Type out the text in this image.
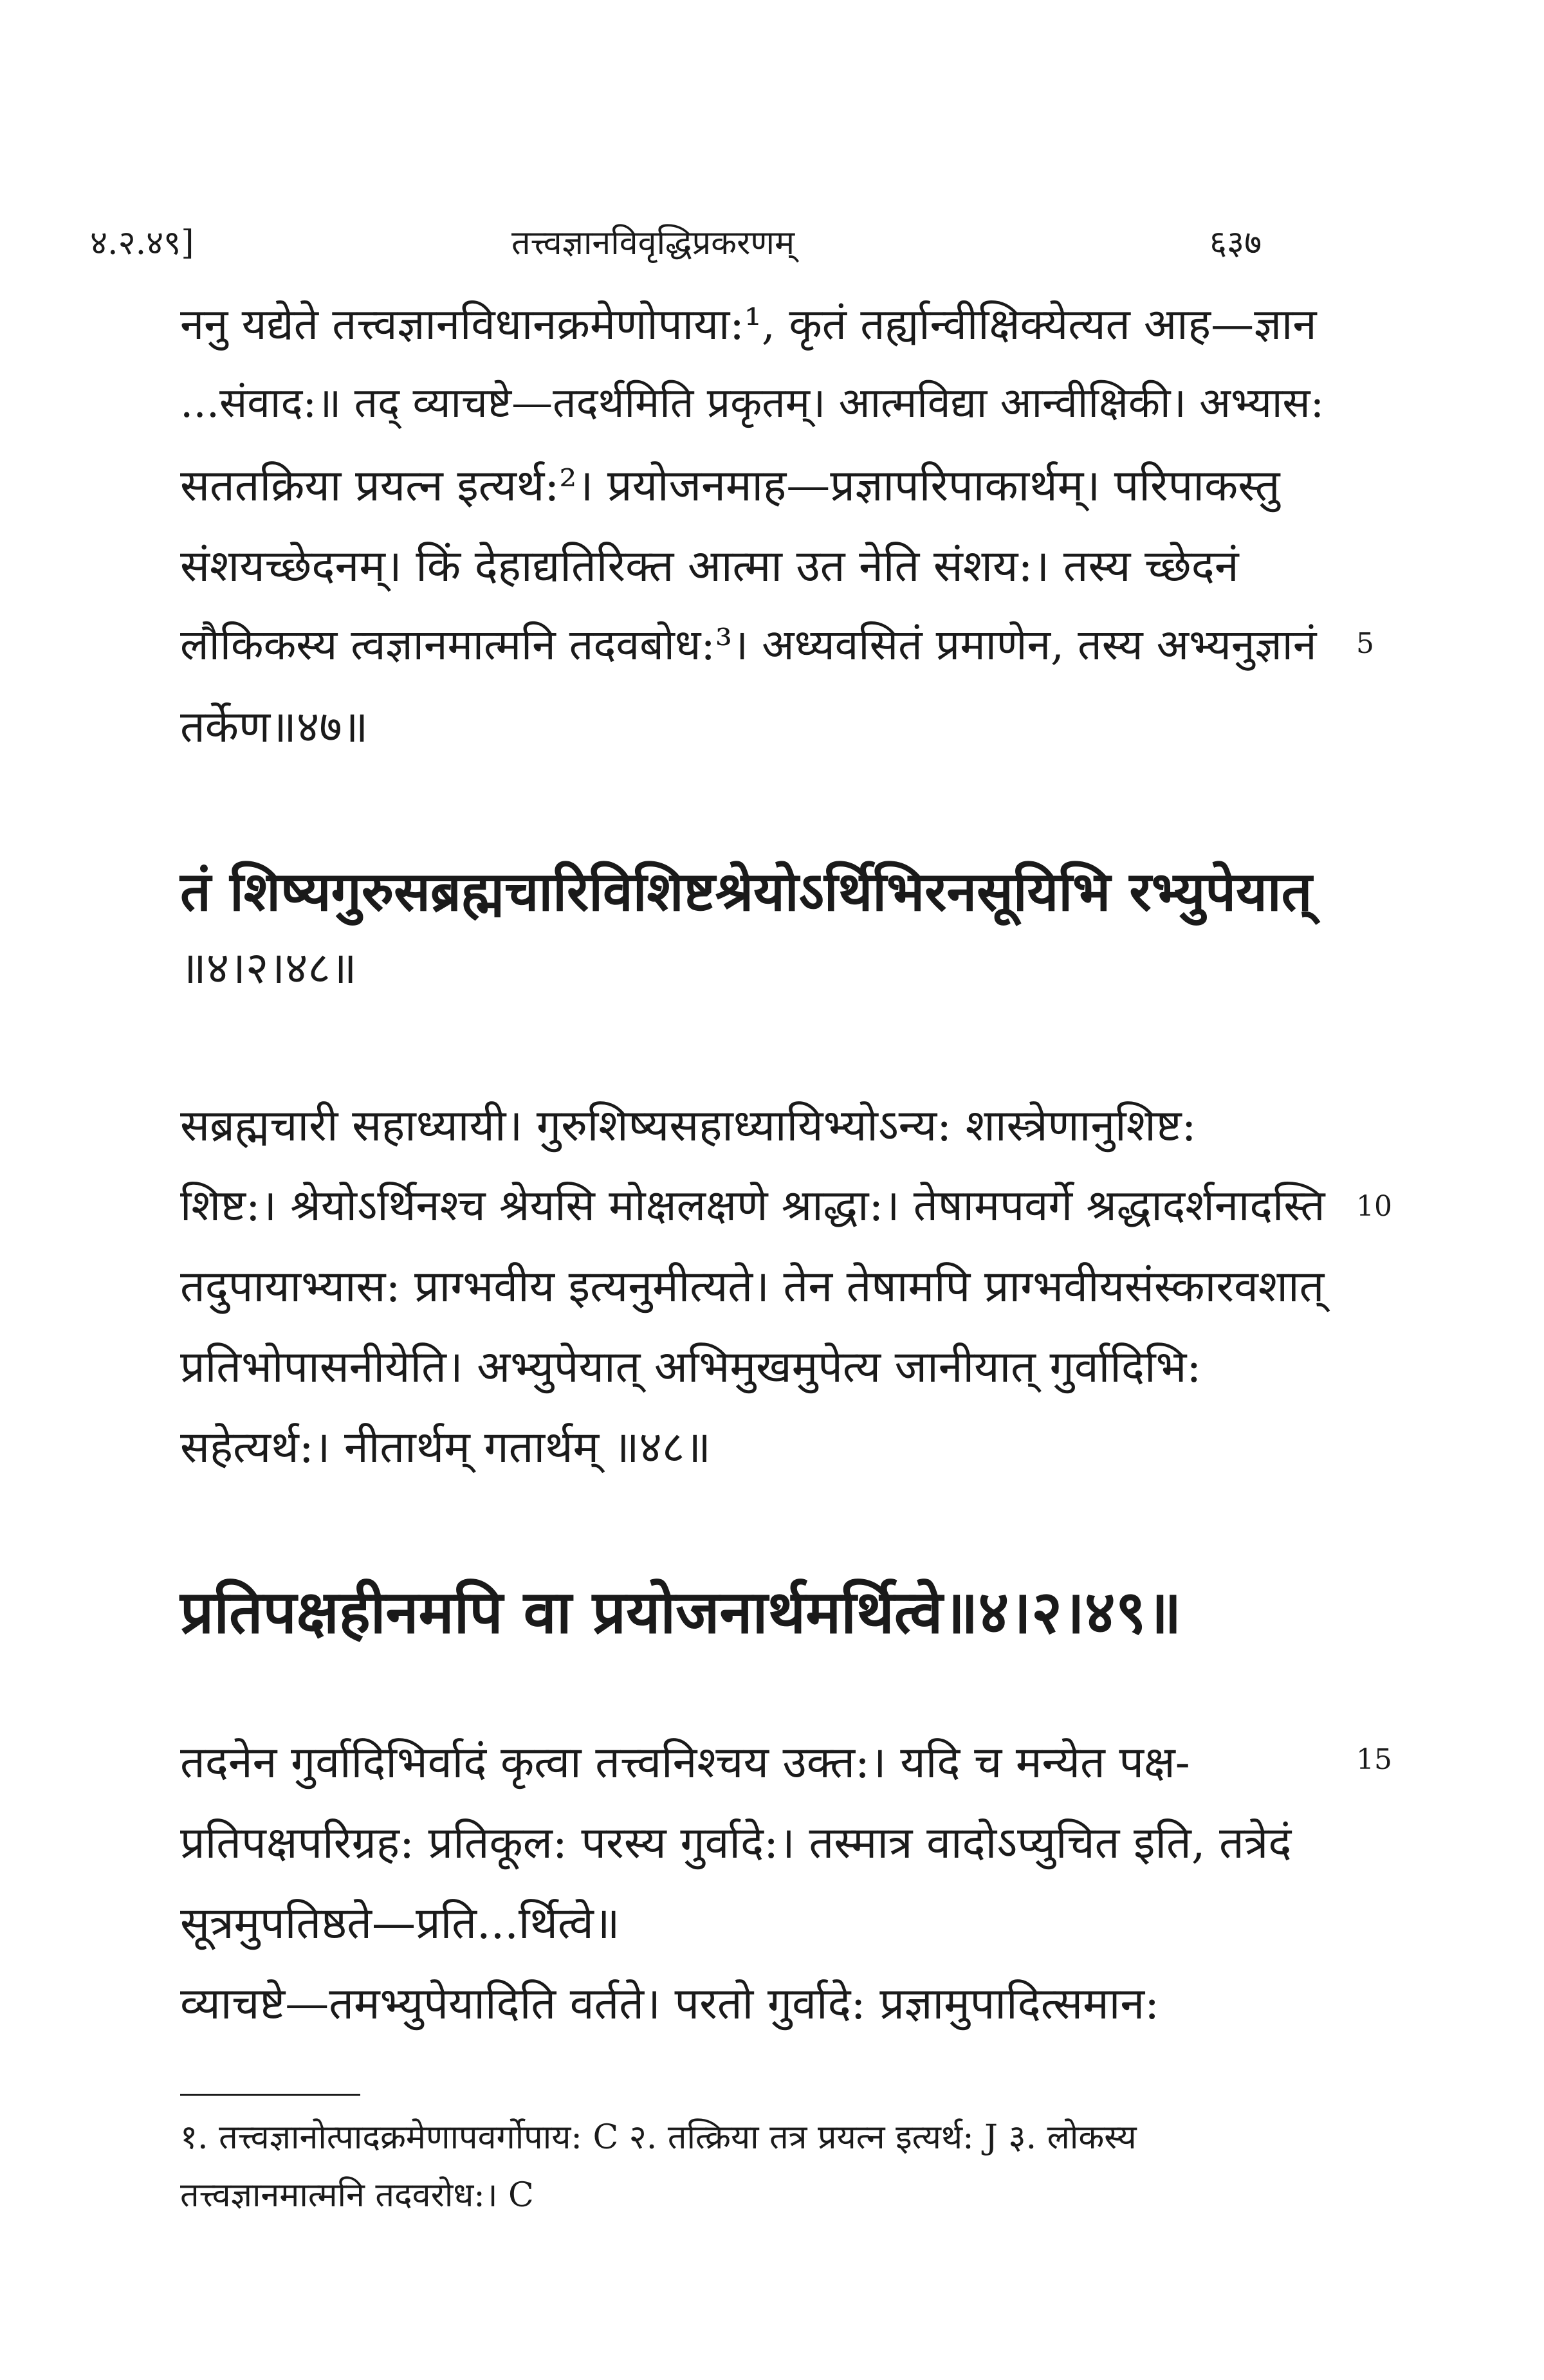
४.२.४९]	तत्त्वज्ञानविवृद्धिप्रकरणम्	६३७
ननु यद्येते तत्त्वज्ञानविधानक्रमेणोपाया:¹, कृतं तर्ह्यान्वीक्षिक्येत्यत आह—ज्ञान
...संवाद:॥ तद् व्याचष्टे—तदर्थमिति प्रकृतम्। आत्मविद्या आन्वीक्षिकी। अभ्यास:
सततक्रिया प्रयत्न इत्यर्थ:²। प्रयोजनमाह—प्रज्ञापरिपाकार्थम्। परिपाकस्तु
संशयच्छेदनम्। किं देहाद्यतिरिक्त आत्मा उत नेति संशय:। तस्य च्छेदनं
लौकिकस्य त्वज्ञानमात्मनि तदवबोध:³। अध्यवसितं प्रमाणेन, तस्य अभ्यनुज्ञानं
तर्केण॥४७॥
5
तं शिष्यगुरुसब्रह्मचारिविशिष्टश्रेयोऽर्थिभिरनसूयिभि रभ्युपेयात्
॥४।२।४८॥
सब्रह्मचारी सहाध्यायी। गुरुशिष्यसहाध्यायिभ्योऽन्य: शास्त्रेणानुशिष्ट:
शिष्ट:। श्रेयोऽर्थिनश्च श्रेयसि मोक्षलक्षणे श्राद्धा:। तेषामपवर्गे श्रद्धादर्शनादस्ति
तदुपायाभ्यास: प्राग्भवीय इत्यनुमीत्यते। तेन तेषामपि प्राग्भवीयसंस्कारवशात्
प्रतिभोपासनीयेति। अभ्युपेयात् अभिमुखमुपेत्य जानीयात् गुर्वादिभि:
सहेत्यर्थ:। नीतार्थम् गतार्थम् ॥४८॥
10
प्रतिपक्षहीनमपि वा प्रयोजनार्थमर्थित्वे॥४।२।४९॥
तदनेन गुर्वादिभिर्वादं कृत्वा तत्त्वनिश्चय उक्त:। यदि च मन्येत पक्ष-
प्रतिपक्षपरिग्रह: प्रतिकूल: परस्य गुर्वादे:। तस्मात्र वादोऽप्युचित इति, तत्रेदं
सूत्रमुपतिष्ठते—प्रति...र्थित्वे॥
व्याचष्टे—तमभ्युपेयादिति वर्तते। परतो गुर्वादे: प्रज्ञामुपादित्समान:
15
१. तत्त्वज्ञानोत्पादक्रमेणापवर्गोपाय: C २. तत्क्रिया तत्र प्रयत्न इत्यर्थ: J ३. लोकस्य
तत्त्वज्ञानमात्मनि तदवरोध:। C
